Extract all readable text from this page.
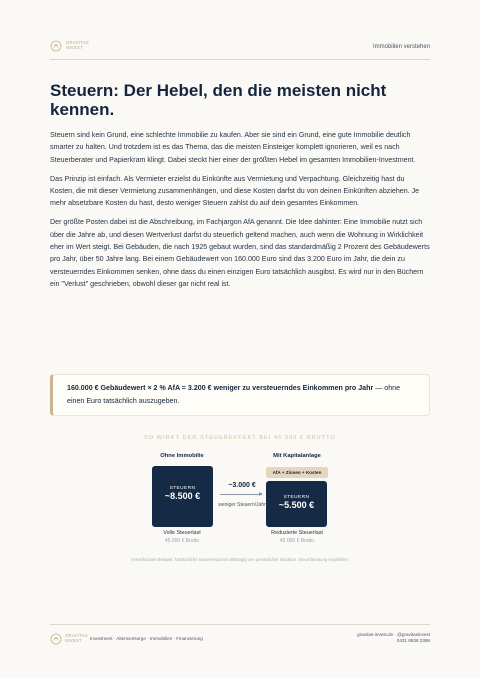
GRAVITAS
INVEST	Immobilien verstehen
Steuern: Der Hebel, den die meisten nicht kennen.

Steuern sind kein Grund, eine schlechte Immobilie zu kaufen. Aber sie sind ein Grund, eine gute Immobilie deutlich smarter zu halten. Und trotzdem ist es das Thema, das die meisten Einsteiger komplett ignorieren, weil es nach Steuerberater und Papierkram klingt. Dabei steckt hier einer der größten Hebel im gesamten Immobilien-Investment.

Das Prinzip ist einfach. Als Vermieter erzielst du Einkünfte aus Vermietung und Verpachtung. Gleichzeitig hast du Kosten, die mit dieser Vermietung zusammenhängen, und diese Kosten darfst du von deinen Einkünften abziehen. Je mehr absetzbare Kosten du hast, desto weniger Steuern zahlst du auf dein gesamtes Einkommen.

Der größte Posten dabei ist die Abschreibung, im Fachjargon AfA genannt. Die Idee dahinter: Eine Immobilie nutzt sich über die Jahre ab, und diesen Wertverlust darfst du steuerlich geltend machen, auch wenn die Wohnung in Wirklichkeit eher im Wert steigt. Bei Gebäuden, die nach 1925 gebaut wurden, sind das standardmäßig 2 Prozent des Gebäudewerts pro Jahr, über 50 Jahre lang. Bei einem Gebäudewert von 160.000 Euro sind das 3.200 Euro im Jahr, die dein zu versteuerndes Einkommen senken, ohne dass du einen einzigen Euro tatsächlich ausgibst. Es wird nur in den Büchern ein "Verlust" geschrieben, obwohl dieser gar nicht real ist.

160.000 € Gebäudewert × 2 % AfA = 3.200 € weniger zu versteuerndes Einkommen pro Jahr — ohne einen Euro tatsächlich auszugeben.
SO WIRKT DER STEUEREFFEKT BEI 45.000 € BRUTTO
Ohne Immobilie	Mit Kapitalanlage
STEUERN
~8.500 €
AfA + Zinsen + Kosten
STEUERN
~5.500 €
~3.000 €
weniger Steuern/Jahr
Volle Steuerlast
45.000 € Brutto
Reduzierte Steuerlast
45.000 € Brutto
Vereinfachtes Beispiel. Tatsächliche Steuerersparnis abhängig von persönlicher Situation. Steuerberatung empfohlen.
GRAVITAS
INVEST	Investment · Altersvorsorge · Immobilien · Finanzierung
gravitas-invest.de · @gravitasinvest
0431 8838 3388
